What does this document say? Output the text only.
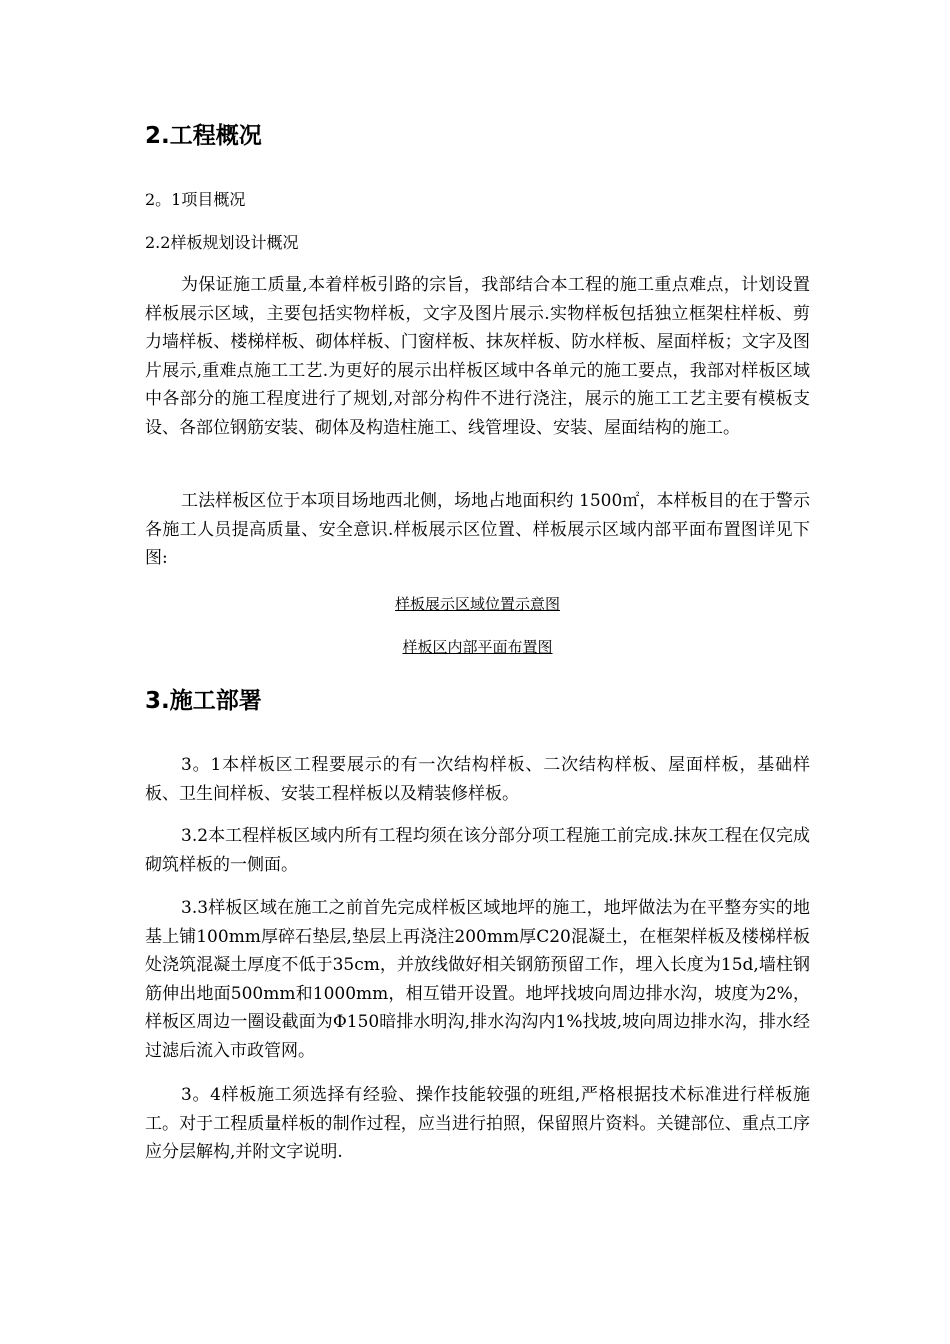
2.工程概况
2。1项目概况
2.2样板规划设计概况

为保证施工质量,本着样板引路的宗旨，我部结合本工程的施工重点难点，计划设置样板展示区域，主要包括实物样板，文字及图片展示.实物样板包括独立框架柱样板、剪力墙样板、楼梯样板、砌体样板、门窗样板、抹灰样板、防水样板、屋面样板；文字及图片展示,重难点施工工艺.为更好的展示出样板区域中各单元的施工要点，我部对样板区域中各部分的施工程度进行了规划,对部分构件不进行浇注，展示的施工工艺主要有模板支设、各部位钢筋安装、砌体及构造柱施工、线管埋设、安装、屋面结构的施工。

工法样板区位于本项目场地西北侧，场地占地面积约 1500㎡，本样板目的在于警示各施工人员提高质量、安全意识.样板展示区位置、样板展示区域内部平面布置图详见下图:

样板展示区域位置示意图
样板区内部平面布置图
3.施工部署

3。1本样板区工程要展示的有一次结构样板、二次结构样板、屋面样板，基础样板、卫生间样板、安装工程样板以及精装修样板。

3.2本工程样板区域内所有工程均须在该分部分项工程施工前完成.抹灰工程在仅完成砌筑样板的一侧面。

3.3样板区域在施工之前首先完成样板区域地坪的施工，地坪做法为在平整夯实的地基上铺100mm厚碎石垫层,垫层上再浇注200mm厚C20混凝土，在框架样板及楼梯样板处浇筑混凝土厚度不低于35cm，并放线做好相关钢筋预留工作，埋入长度为15d,墙柱钢筋伸出地面500mm和1000mm，相互错开设置。地坪找坡向周边排水沟，坡度为2%，样板区周边一圈设截面为Φ150暗排水明沟,排水沟沟内1%找坡,坡向周边排水沟，排水经过滤后流入市政管网。

3。4样板施工须选择有经验、操作技能较强的班组,严格根据技术标准进行样板施工。对于工程质量样板的制作过程，应当进行拍照，保留照片资料。关键部位、重点工序应分层解构,并附文字说明.
